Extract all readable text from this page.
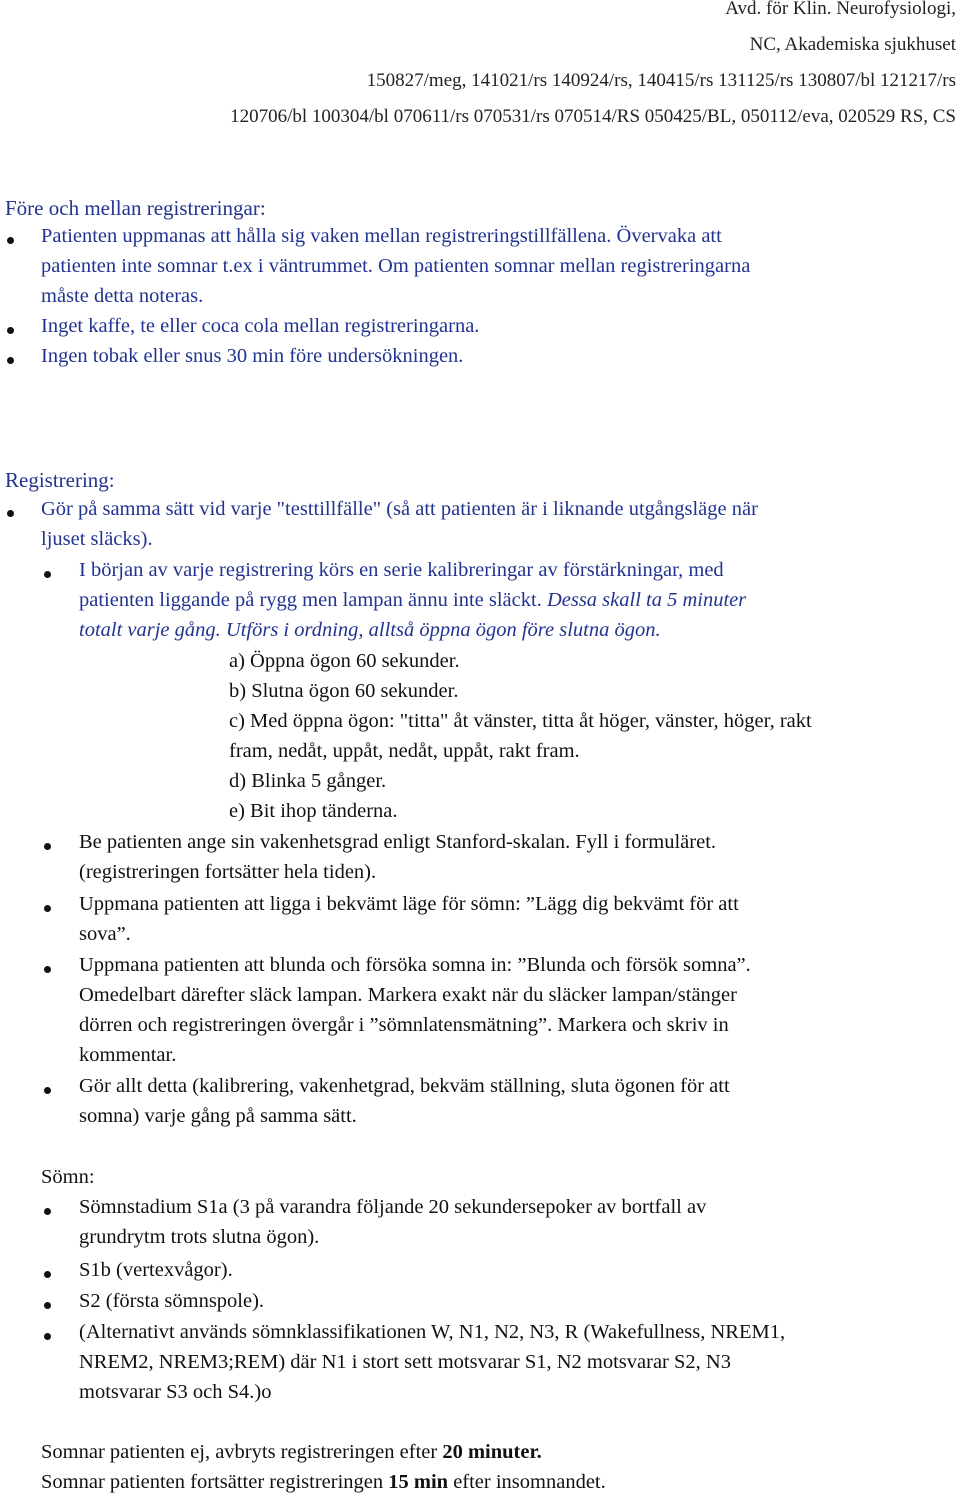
Avd. för Klin. Neurofysiologi,
NC, Akademiska sjukhuset
150827/meg, 141021/rs 140924/rs, 140415/rs 131125/rs 130807/bl 121217/rs
120706/bl 100304/bl 070611/rs 070531/rs 070514/RS 050425/BL, 050112/eva, 020529 RS, CS
Före och mellan registreringar:
Patienten uppmanas att hålla sig vaken mellan registreringstillfällena. Övervaka att
patienten inte somnar t.ex i väntrummet. Om patienten somnar mellan registreringarna
måste detta noteras.
Inget kaffe, te eller coca cola mellan registreringarna.
Ingen tobak eller snus 30 min före undersökningen.
Registrering:
Gör på samma sätt vid varje "testtillfälle" (så att patienten är i liknande utgångsläge när
ljuset släcks).
I början av varje registrering körs en serie kalibreringar av förstärkningar, med
patienten liggande på rygg men lampan ännu inte släckt. Dessa skall ta 5 minuter
totalt varje gång. Utförs i ordning, alltså öppna ögon före slutna ögon.
a) Öppna ögon 60 sekunder.
b) Slutna ögon 60 sekunder.
c) Med öppna ögon: "titta" åt vänster, titta åt höger, vänster, höger, rakt
fram, nedåt, uppåt, nedåt, uppåt, rakt fram.
d) Blinka 5 gånger.
e) Bit ihop tänderna.
Be patienten ange sin vakenhetsgrad enligt Stanford-skalan. Fyll i formuläret.
(registreringen fortsätter hela tiden).
Uppmana patienten att ligga i bekvämt läge för sömn: ”Lägg dig bekvämt för att
sova”.
Uppmana patienten att blunda och försöka somna in: ”Blunda och försök somna”.
Omedelbart därefter släck lampan. Markera exakt när du släcker lampan/stänger
dörren och registreringen övergår i ”sömnlatensmätning”. Markera och skriv in
kommentar.
Gör allt detta (kalibrering, vakenhetgrad, bekväm ställning, sluta ögonen för att
somna) varje gång på samma sätt.
Sömn:
Sömnstadium S1a (3 på varandra följande 20 sekundersepoker av bortfall av
grundrytm trots slutna ögon).
S1b (vertexvågor).
S2 (första sömnspole).
(Alternativt används sömnklassifikationen W, N1, N2, N3, R (Wakefullness, NREM1,
NREM2, NREM3;REM) där N1 i stort sett motsvarar S1, N2 motsvarar S2, N3
motsvarar S3 och S4.)o
Somnar patienten ej, avbryts registreringen efter 20 minuter.
Somnar patienten fortsätter registreringen 15 min efter insomnandet.
